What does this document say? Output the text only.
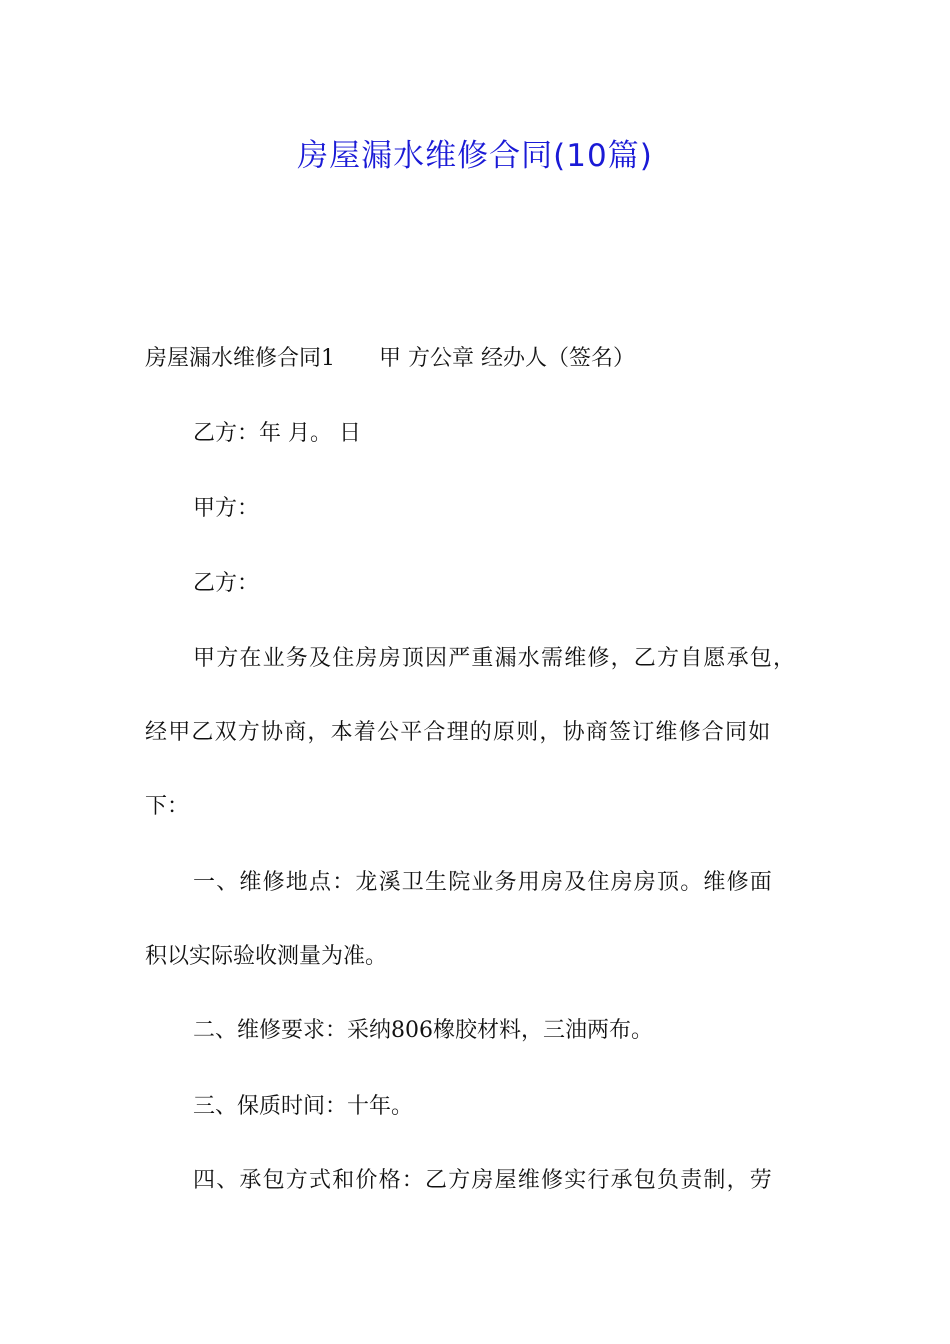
房屋漏水维修合同(10篇)
房屋漏水维修合同1　　甲 方公章 经办人（签名）
乙方：年 月。 日
甲方：
乙方：
甲方在业务及住房房顶因严重漏水需维修，乙方自愿承包，
经甲乙双方协商，本着公平合理的原则，协商签订维修合同如
下：
一、维修地点：龙溪卫生院业务用房及住房房顶。维修面
积以实际验收测量为准。
二、维修要求：采纳806橡胶材料，三油两布。
三、保质时间：十年。
四、承包方式和价格：乙方房屋维修实行承包负责制，劳
